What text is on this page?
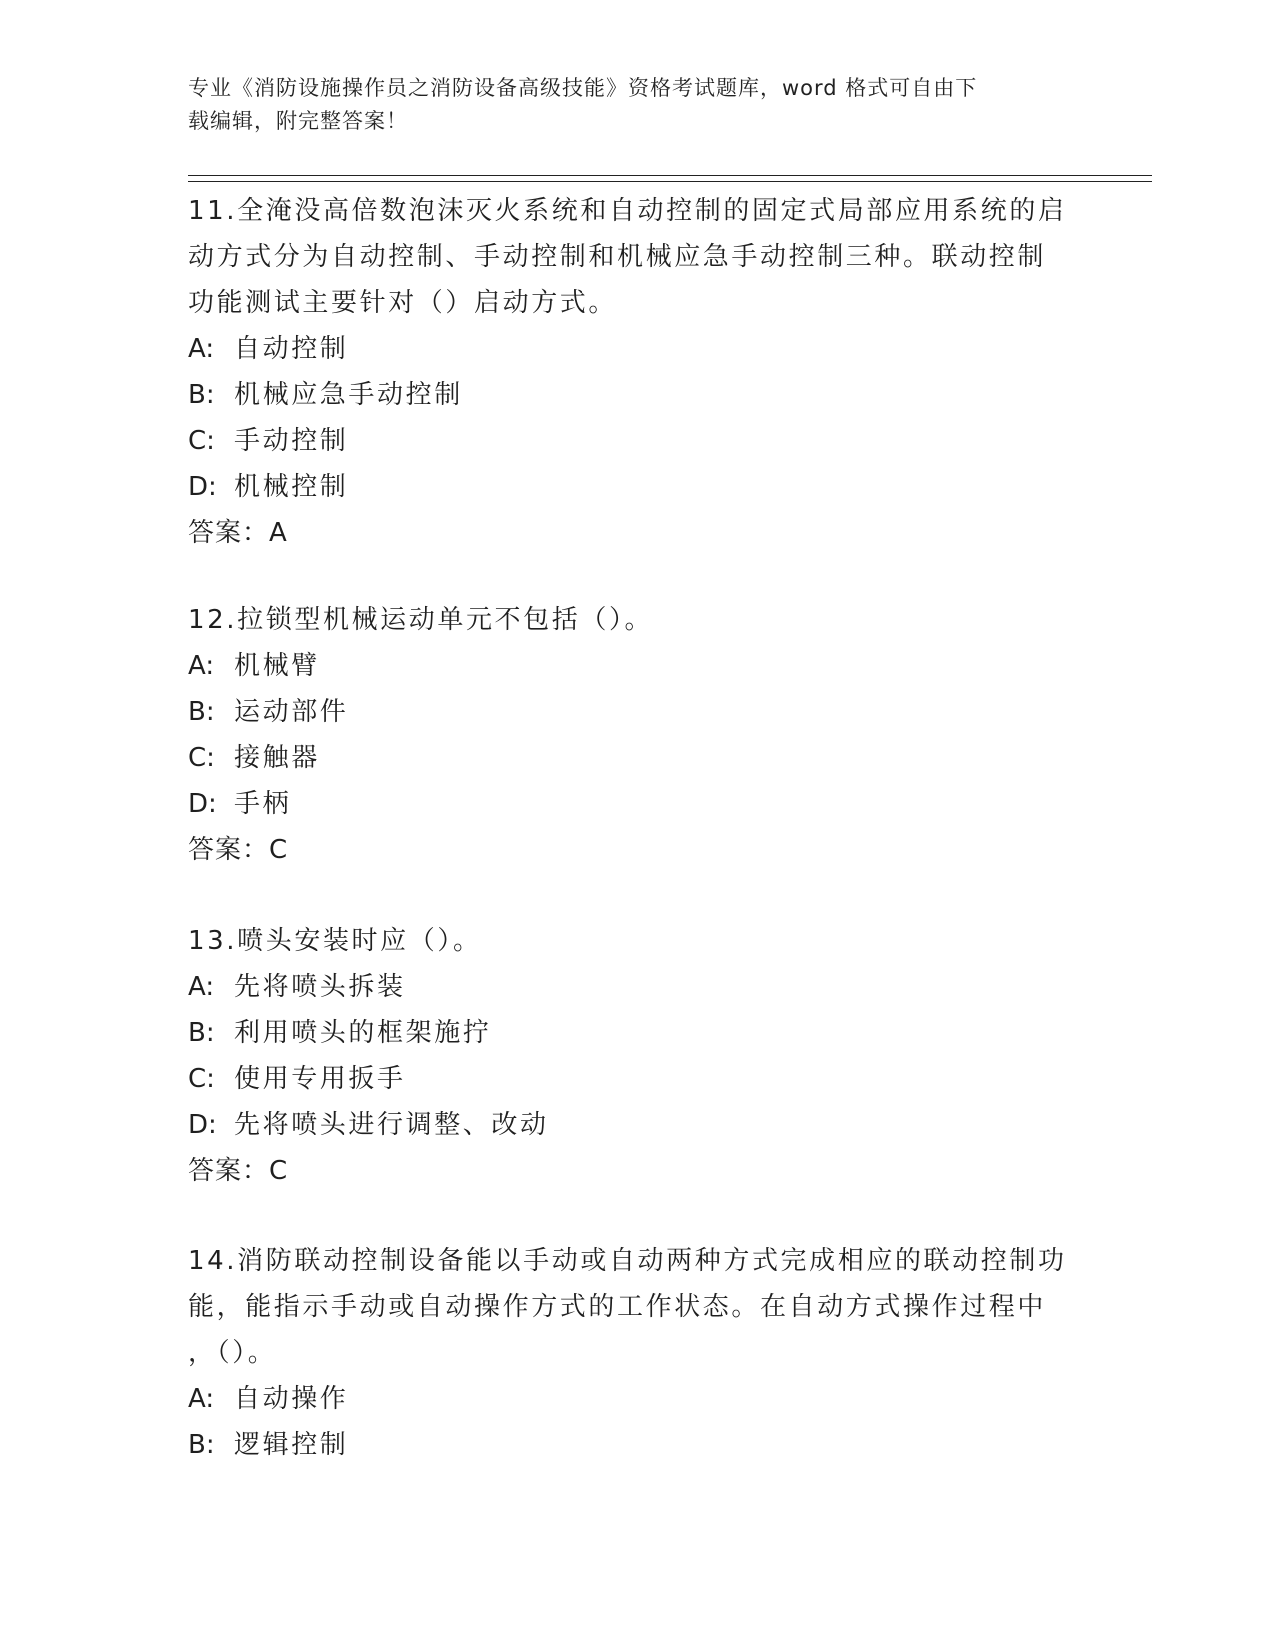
专业《消防设施操作员之消防设备高级技能》资格考试题库，word 格式可自由下
载编辑，附完整答案！

11.全淹没高倍数泡沫灭火系统和自动控制的固定式局部应用系统的启

动方式分为自动控制、手动控制和机械应急手动控制三种。联动控制

功能测试主要针对（）启动方式。

A: 自动控制

B: 机械应急手动控制

C: 手动控制

D: 机械控制

答案：A

12.拉锁型机械运动单元不包括（）。

A: 机械臂

B: 运动部件

C: 接触器

D: 手柄

答案：C

13.喷头安装时应（）。

A: 先将喷头拆装

B: 利用喷头的框架施拧

C: 使用专用扳手

D: 先将喷头进行调整、改动

答案：C

14.消防联动控制设备能以手动或自动两种方式完成相应的联动控制功

能，能指示手动或自动操作方式的工作状态。在自动方式操作过程中

，（）。

A: 自动操作

B: 逻辑控制
